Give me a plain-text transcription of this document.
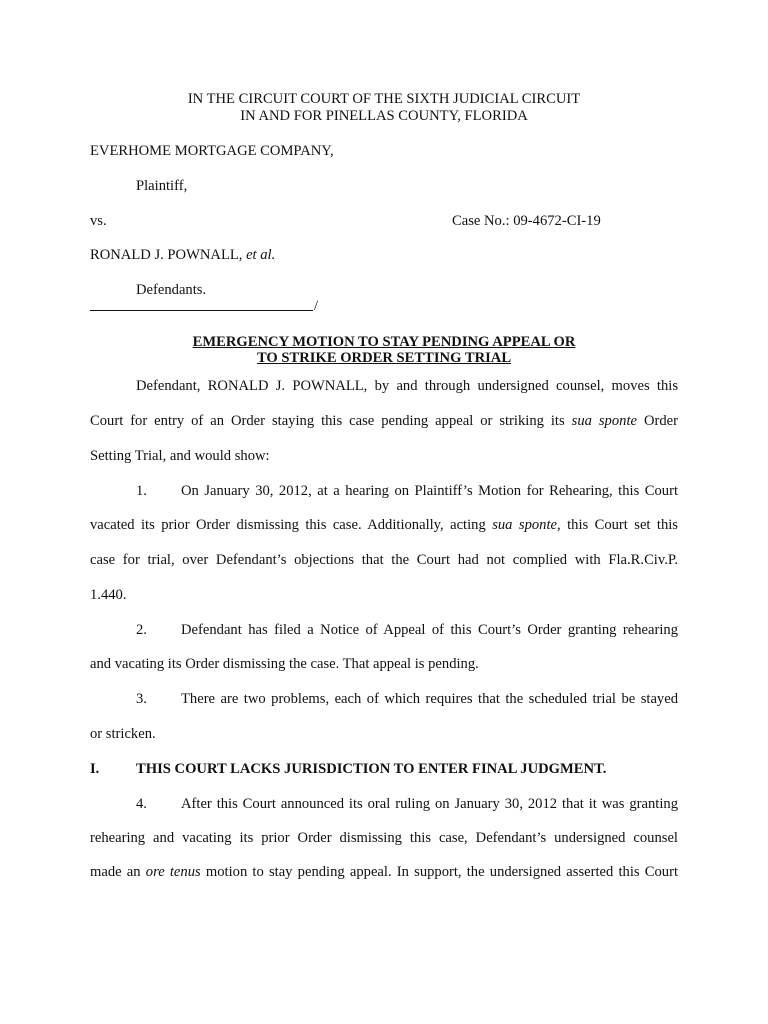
IN THE CIRCUIT COURT OF THE SIXTH JUDICIAL CIRCUIT
IN AND FOR PINELLAS COUNTY, FLORIDA
EVERHOME MORTGAGE COMPANY,
Plaintiff,
vs.	Case No.: 09-4672-CI-19
RONALD J. POWNALL, et al.
Defendants.
/
EMERGENCY MOTION TO STAY PENDING APPEAL OR
TO STRIKE ORDER SETTING TRIAL
Defendant, RONALD J. POWNALL, by and through undersigned counsel, moves this
Court for entry of an Order staying this case pending appeal or striking its sua sponte Order
Setting Trial, and would show:
1. On January 30, 2012, at a hearing on Plaintiff’s Motion for Rehearing, this Court
vacated its prior Order dismissing this case. Additionally, acting sua sponte, this Court set this
case for trial, over Defendant’s objections that the Court had not complied with Fla.R.Civ.P.
1.440.
2. Defendant has filed a Notice of Appeal of this Court’s Order granting rehearing
and vacating its Order dismissing the case. That appeal is pending.
3. There are two problems, each of which requires that the scheduled trial be stayed
or stricken.
I.	THIS COURT LACKS JURISDICTION TO ENTER FINAL JUDGMENT.
4. After this Court announced its oral ruling on January 30, 2012 that it was granting
rehearing and vacating its prior Order dismissing this case, Defendant’s undersigned counsel
made an ore tenus motion to stay pending appeal. In support, the undersigned asserted this Court
